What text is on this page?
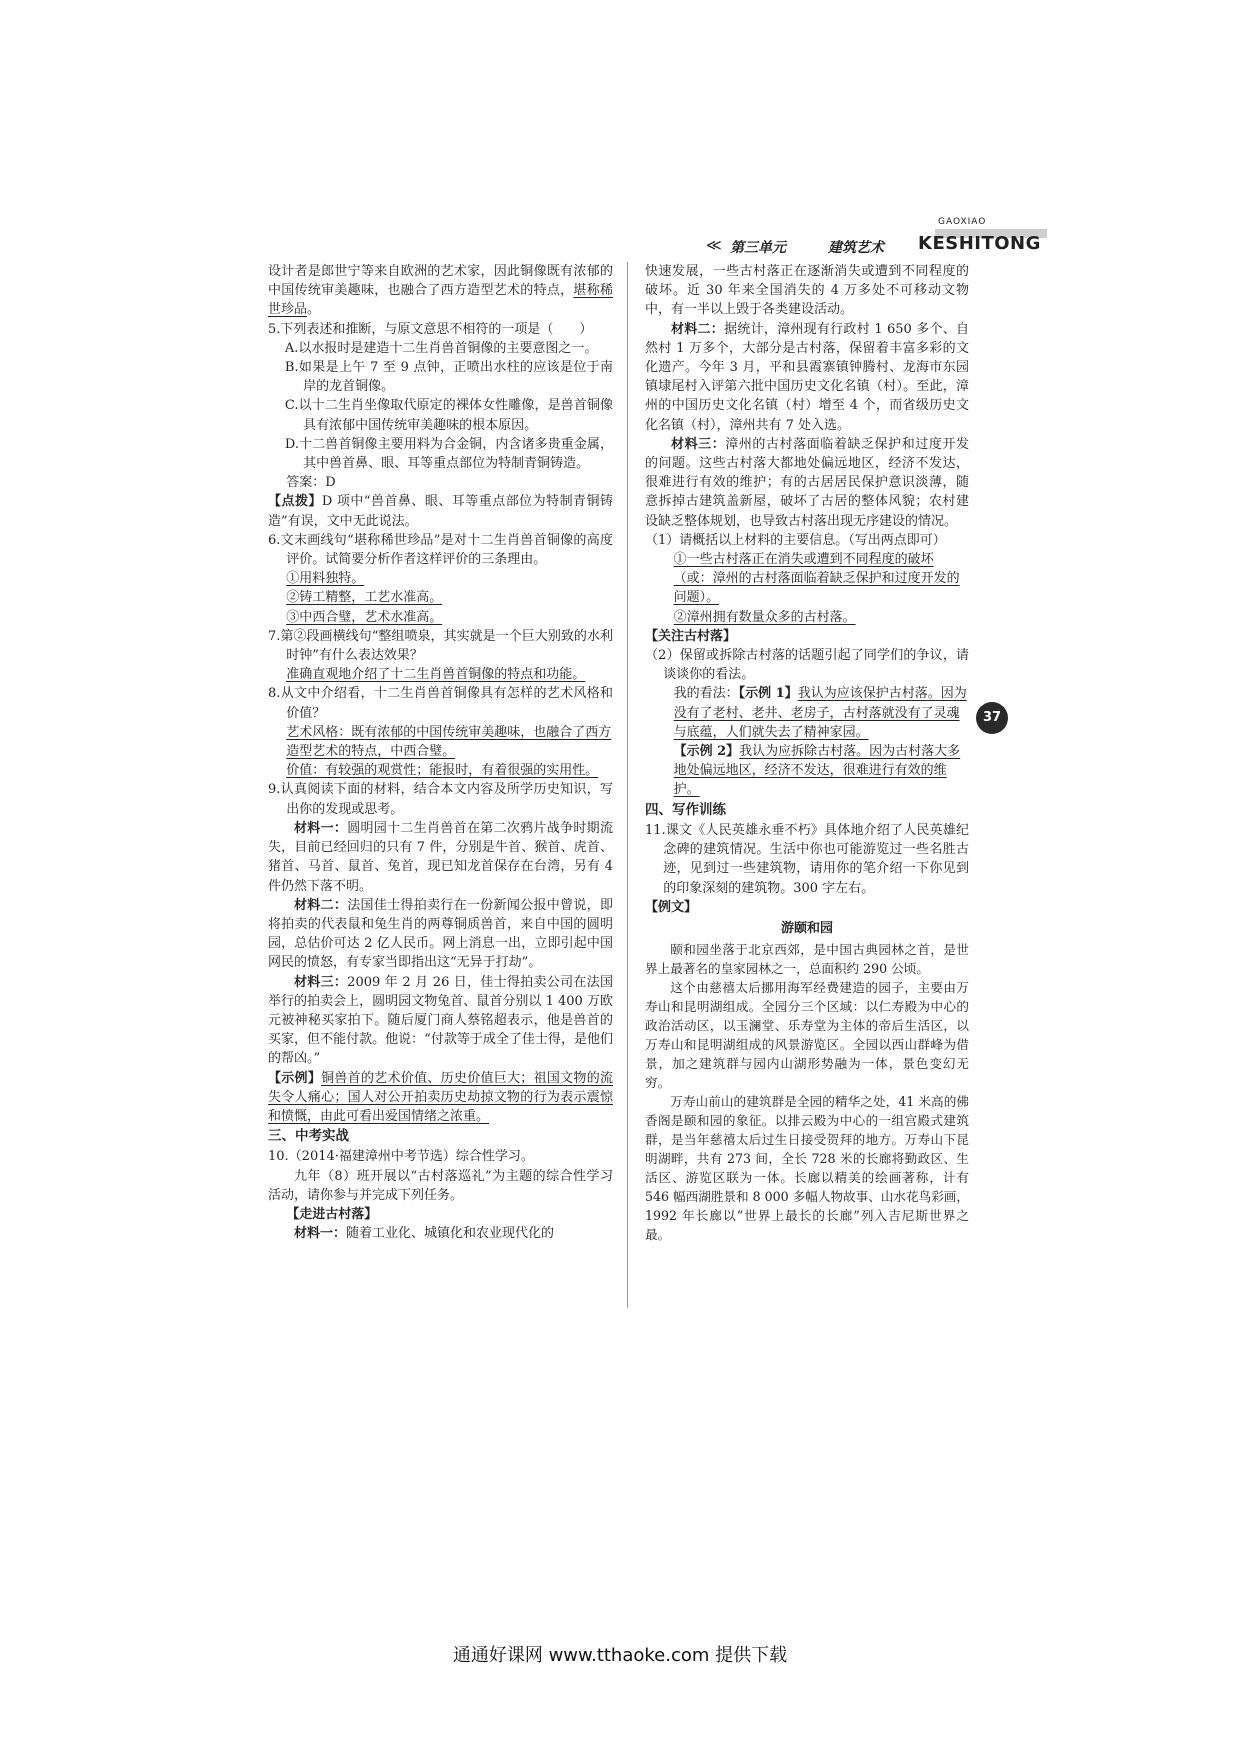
GAOXIAO
≪ 第三单元	建筑艺术 KESHITONG

设计者是郎世宁等来自欧洲的艺术家，因此铜像既有浓郁的中国传统审美趣味，也融合了西方造型艺术的特点，堪称稀世珍品。

5.下列表述和推断，与原文意思不相符的一项是（　　）

A.以水报时是建造十二生肖兽首铜像的主要意图之一。

B.如果是上午 7 至 9 点钟，正喷出水柱的应该是位于南岸的龙首铜像。

C.以十二生肖坐像取代原定的裸体女性雕像，是兽首铜像具有浓郁中国传统审美趣味的根本原因。

D.十二兽首铜像主要用料为合金铜，内含诸多贵重金属，其中兽首鼻、眼、耳等重点部位为特制青铜铸造。

答案：D

【点拨】D 项中“兽首鼻、眼、耳等重点部位为特制青铜铸造”有误，文中无此说法。

6.文末画线句“堪称稀世珍品”是对十二生肖兽首铜像的高度评价。试简要分析作者这样评价的三条理由。

①用料独特。

②铸工精整，工艺水准高。

③中西合璧，艺术水准高。

7.第②段画横线句“整组喷泉，其实就是一个巨大别致的水利时钟”有什么表达效果？

准确直观地介绍了十二生肖兽首铜像的特点和功能。

8.从文中介绍看，十二生肖兽首铜像具有怎样的艺术风格和价值？

艺术风格：既有浓郁的中国传统审美趣味，也融合了西方造型艺术的特点，中西合璧。

价值：有较强的观赏性；能报时，有着很强的实用性。

9.认真阅读下面的材料，结合本文内容及所学历史知识，写出你的发现或思考。

材料一：圆明园十二生肖兽首在第二次鸦片战争时期流失，目前已经回归的只有 7 件，分别是牛首、猴首、虎首、猪首、马首、鼠首、兔首，现已知龙首保存在台湾，另有 4 件仍然下落不明。

材料二：法国佳士得拍卖行在一份新闻公报中曾说，即将拍卖的代表鼠和兔生肖的两尊铜质兽首，来自中国的圆明园，总估价可达 2 亿人民币。网上消息一出，立即引起中国网民的愤怒，有专家当即指出这“无异于打劫”。

材料三：2009 年 2 月 26 日，佳士得拍卖公司在法国举行的拍卖会上，圆明园文物兔首、鼠首分别以 1 400 万欧元被神秘买家拍下。随后厦门商人蔡铭超表示，他是兽首的买家，但不能付款。他说：“付款等于成全了佳士得，是他们的帮凶。”

【示例】铜兽首的艺术价值、历史价值巨大；祖国文物的流失令人痛心；国人对公开拍卖历史劫掠文物的行为表示震惊和愤慨，由此可看出爱国情绪之浓重。

三、中考实战

10.（2014·福建漳州中考节选）综合性学习。

九年（8）班开展以“古村落巡礼”为主题的综合性学习活动，请你参与并完成下列任务。

【走进古村落】

材料一：随着工业化、城镇化和农业现代化的

快速发展，一些古村落正在逐渐消失或遭到不同程度的破坏。近 30 年来全国消失的 4 万多处不可移动文物中，有一半以上毁于各类建设活动。

材料二：据统计，漳州现有行政村 1 650 多个、自然村 1 万多个，大部分是古村落，保留着丰富多彩的文化遗产。今年 3 月，平和县霞寨镇钟腾村、龙海市东园镇埭尾村入评第六批中国历史文化名镇（村）。至此，漳州的中国历史文化名镇（村）增至 4 个，而省级历史文化名镇（村），漳州共有 7 处入选。

材料三：漳州的古村落面临着缺乏保护和过度开发的问题。这些古村落大都地处偏远地区，经济不发达，很难进行有效的维护；有的古居居民保护意识淡薄，随意拆掉古建筑盖新屋，破坏了古居的整体风貌；农村建设缺乏整体规划，也导致古村落出现无序建设的情况。

（1）请概括以上材料的主要信息。（写出两点即可）

①一些古村落正在消失或遭到不同程度的破坏（或：漳州的古村落面临着缺乏保护和过度开发的问题）。

②漳州拥有数量众多的古村落。

【关注古村落】

（2）保留或拆除古村落的话题引起了同学们的争议，请谈谈你的看法。

我的看法：【示例 1】我认为应该保护古村落。因为没有了老村、老井、老房子，古村落就没有了灵魂与底蕴，人们就失去了精神家园。

【示例 2】我认为应拆除古村落。因为古村落大多地处偏远地区，经济不发达，很难进行有效的维护。

四、写作训练

11.课文《人民英雄永垂不朽》具体地介绍了人民英雄纪念碑的建筑情况。生活中你也可能游览过一些名胜古迹，见到过一些建筑物，请用你的笔介绍一下你见到的印象深刻的建筑物。300 字左右。

【例文】

游颐和园

颐和园坐落于北京西郊，是中国古典园林之首，是世界上最著名的皇家园林之一，总面积约 290 公顷。

这个由慈禧太后挪用海军经费建造的园子，主要由万寿山和昆明湖组成。全园分三个区域：以仁寿殿为中心的政治活动区，以玉澜堂、乐寿堂为主体的帝后生活区，以万寿山和昆明湖组成的风景游览区。全园以西山群峰为借景，加之建筑群与园内山湖形势融为一体，景色变幻无穷。

万寿山前山的建筑群是全园的精华之处，41 米高的佛香阁是颐和园的象征。以排云殿为中心的一组宫殿式建筑群，是当年慈禧太后过生日接受贺拜的地方。万寿山下昆明湖畔，共有 273 间，全长 728 米的长廊将勤政区、生活区、游览区联为一体。长廊以精美的绘画著称，计有 546 幅西湖胜景和 8 000 多幅人物故事、山水花鸟彩画，1992 年长廊以“世界上最长的长廊”列入吉尼斯世界之最。

37
通通好课网 www.tthaoke.com 提供下载
